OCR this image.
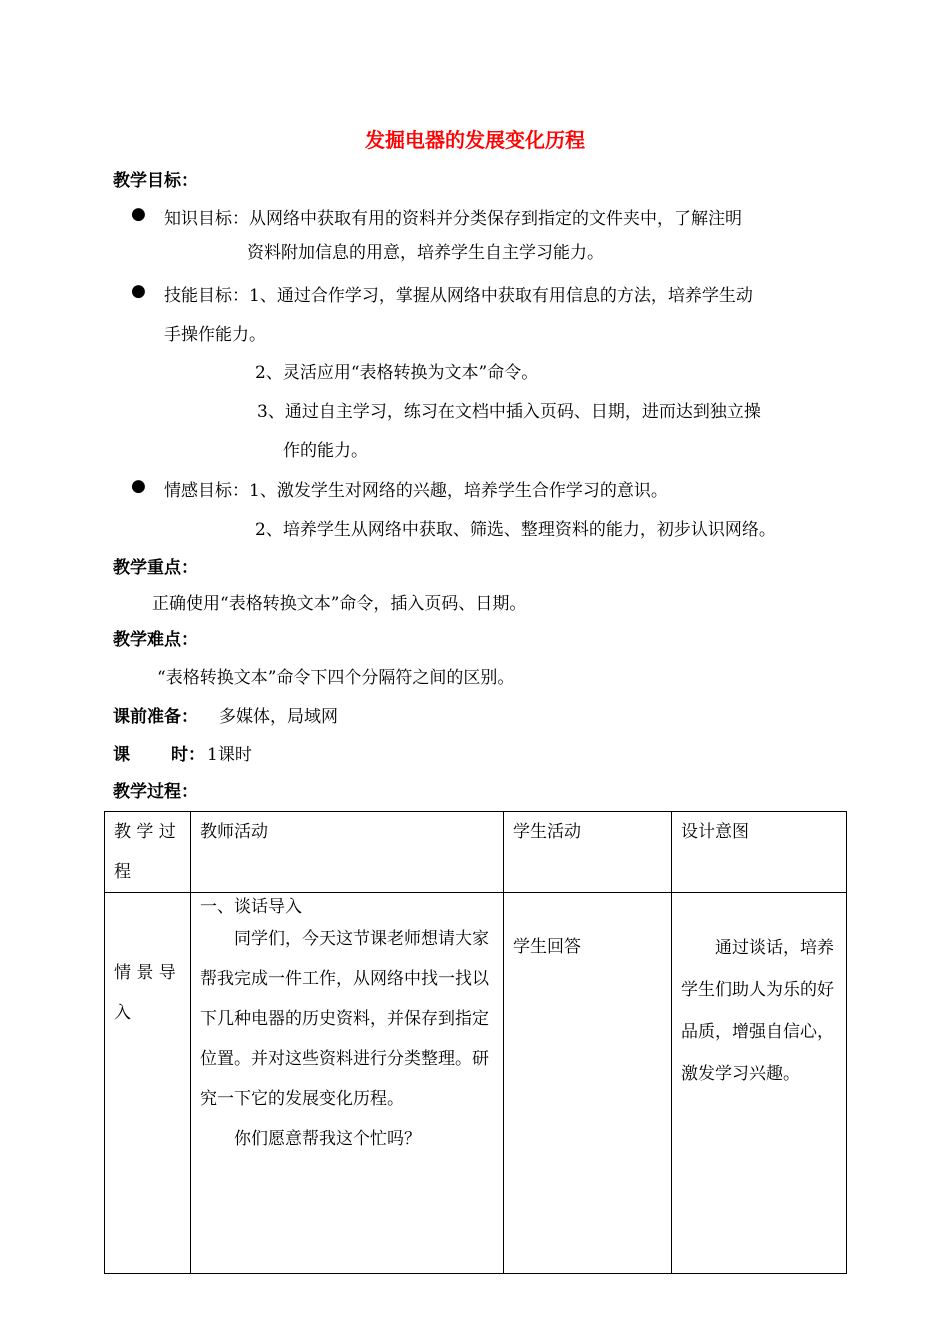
发掘电器的发展变化历程
教学目标：
● 知识目标：从网络中获取有用的资料并分类保存到指定的文件夹中，了解注明
资料附加信息的用意，培养学生自主学习能力。
● 技能目标：1、通过合作学习，掌握从网络中获取有用信息的方法，培养学生动
手操作能力。
2、灵活应用“表格转换为文本”命令。
3、通过自主学习，练习在文档中插入页码、日期，进而达到独立操
作的能力。
● 情感目标：1、激发学生对网络的兴趣，培养学生合作学习的意识。
2、培养学生从网络中获取、筛选、整理资料的能力，初步认识网络。
教学重点：
正确使用“表格转换文本”命令，插入页码、日期。
教学难点：
“表格转换文本”命令下四个分隔符之间的区别。
课前准备： 多媒体，局域网
课 时： 1课时
教学过程：
教 学 过 程	教师活动	学生活动	设计意图
情 景 导 入	一、谈话导入
同学们，今天这节课老师想请大家帮我完成一件工作，从网络中找一找以下几种电器的历史资料，并保存到指定位置。并对这些资料进行分类整理。研究一下它的发展变化历程。
你们愿意帮我这个忙吗？	学生回答	通过谈话，培养学生们助人为乐的好品质，增强自信心，激发学习兴趣。
